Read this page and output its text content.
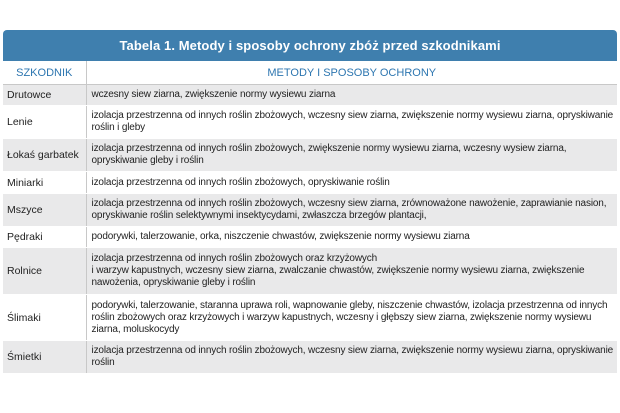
Tabela 1. Metody i sposoby ochrony zbóż przed szkodnikami
SZKODNIK	METODY I SPOSOBY OCHRONY
Drutowce	wczesny siew ziarna, zwiększenie normy wysiewu ziarna

Lenie	izolacja przestrzenna od innych roślin zbożowych, wczesny siew ziarna, zwiększenie normy wysiewu ziarna, opryskiwanie roślin i gleby

Łokaś garbatek	izolacja przestrzenna od innych roślin zbożowych, zwiększenie normy wysiewu ziarna, wczesny wysiew ziarna, opryskiwanie gleby i roślin

Miniarki	izolacja przestrzenna od innych roślin zbożowych, opryskiwanie roślin

Mszyce	izolacja przestrzenna od innych roślin zbożowych, wczesny siew ziarna, zrównoważone nawożenie, zaprawianie nasion, opryskiwanie roślin selektywnymi insektycydami, zwłaszcza brzegów plantacji,

Pędraki	podorywki, talerzowanie, orka, niszczenie chwastów, zwiększenie normy wysiewu ziarna

Rolnice	izolacja przestrzenna od innych roślin zbożowych oraz krzyżowych
i warzyw kapustnych, wczesny siew ziarna, zwalczanie chwastów, zwiększenie normy wysiewu ziarna, zwiększenie nawożenia, opryskiwanie gleby i roślin

Ślimaki	podorywki, talerzowanie, staranna uprawa roli, wapnowanie gleby, niszczenie chwastów, izolacja przestrzenna od innych roślin zbożowych oraz krzyżowych i warzyw kapustnych, wczesny i głębszy siew ziarna, zwiększenie normy wysiewu ziarna, moluskocydy

Śmietki	izolacja przestrzenna od innych roślin zbożowych, wczesny siew ziarna, zwiększenie normy wysiewu ziarna, opryskiwanie roślin
